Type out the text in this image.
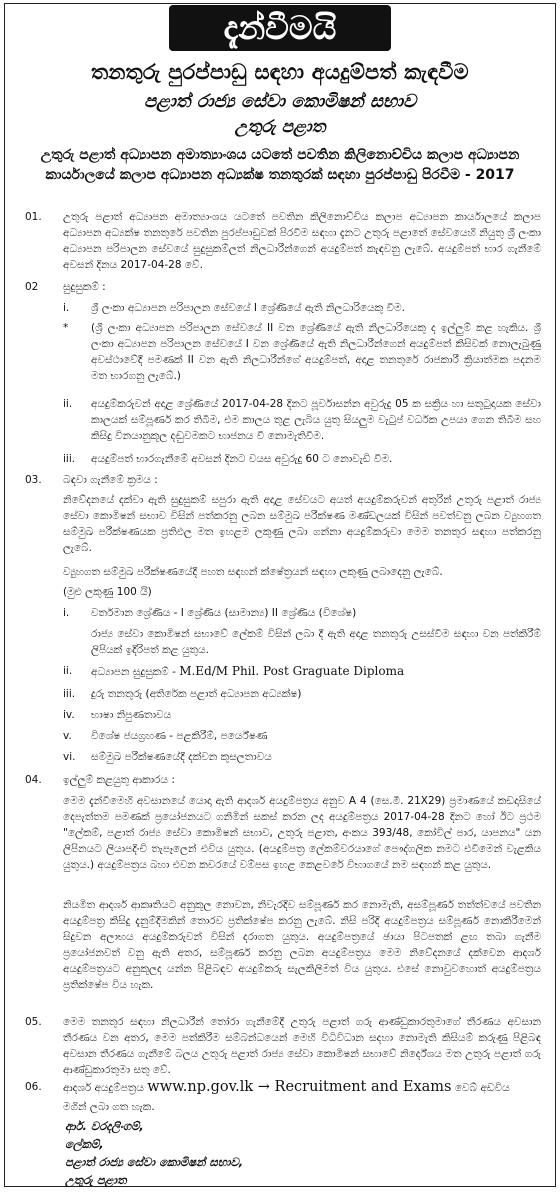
දැන්වීමයි
තනතුරු පුරප්පාඩු සඳහා අයදුම්පත් කැඳවීම
පළාත් රාජ්‍ය සේවා කොමිෂන් සභාව
උතුරු පළාත
උතුරු පළාත් අධ්‍යාපන අමාත්‍යාංශය යටතේ පවතින කිලිනොච්චිය කලාප අධ්‍යාපන
කාර්යාලයේ කලාප අධ්‍යාපන අධ්‍යක්ෂ තනතුරක් සඳහා පුරප්පාඩු පිරවීම - 2017
01. උතුරු පළාත් අධ්‍යාපන අමාත්‍යාංශය යටතේ පවතින කිලිනොච්චිය කලාප අධ්‍යාපන කාර්යාලයේ කලාප අධ්‍යාපන අධ්‍යක්ෂ තනතුරේ පවතින පුරප්පාඩුවක් පිරවීම සඳහා දැනට උතුරු පළාතේ සේවයෙහි නියුතු ශ්‍රී ලංකා අධ්‍යාපන පරිපාලන සේවයේ සුදුසුකම්ලත් නිලධාරීන්ගෙන් අයදුම්පත් කැඳවනු ලැබේ. අයදුම්පත් භාර ගැනීමේ අවසන් දිනය 2017-04-28 වේ.
02 සුදුසුකම් :
i. ශ්‍රී ලංකා අධ්‍යාපන පරිපාලන සේවයේ I ශ්‍රේණියේ ඇති නිලධාරියෙකු වීම.
* (ශ්‍රී ලංකා අධ්‍යාපන පරිපාලන සේවයේ II වන ශ්‍රේණියේ ඇති නිලධාරියෙකු ද ඉල්ලුම් කළ හැකිය. ශ්‍රී ලංකා අධ්‍යාපන පරිපාලන සේවයේ I වන ශ්‍රේණියේ ඇති නිලධාරීන්ගෙන් අයදුම්පත් කිසිවක් නොලැබුණු අවස්ථාවේදී පමණක් II වන ඇති නිලධාරීන්ගේ අයදුම්පත්, අදාළ තනතුරේ රාජකාරී ක්‍රියාත්මක පදනම මත භාරගනු ලැබේ.)
ii. අයදුම්කරුවන් අදාළ ශ්‍රේණියේ 2017-04-28 දිනට පූර්වාසන්න අවුරුදු 05 ක සක්‍රිය හා සතුටුදායක සේවා කාලයක් සම්පූර්ණ කර තිබීම, එම කාලය තුළ ලැබිය යුතු සියලුම වැටුප් වර්ධක උපයා ගෙන තිබීම සහ කිසිදු විනයානුකූල දඬුවමකට භාජනය වී නොමැතිවීම.
iii. අයදුම්පත් භාරගැනීමේ අවසන් දිනට වයස අවුරුදු 60 ට නොවැඩි වීම.
03. බඳවා ගැනීමේ ක්‍රමය :
නිවේදනයේ දක්වා ඇති සුදුසුකම් සපුරා ඇති අදාළ සේවයට අයත් අයදුම්කරුවන් අතුරින් උතුරු පළාත් රාජ්‍ය සේවා කොමිෂන් සභාව විසින් පත්කරනු ලබන සම්මුඛ පරීක්ෂණ මණ්ඩලයක් විසින් පවත්වනු ලබන ව්‍යුහගත සම්මුඛ පරීක්ෂණයක ප්‍රතිඵල මත ඉහළම ලකුණු ලබා ගන්නා අයදුම්කරුවා මෙම තනතුර සඳහා පත්කරනු ලැබේ.
ව්‍යුහගත සම්මුඛ පරීක්ෂණයේදී පහත සඳහන් ක්ෂේත්‍රයන් සඳහා ලකුණු ලබාදෙනු ලැබේ.
(මුළු ලකුණු 100 යි)
i. වර්තමාන ශ්‍රේණිය - I ශ්‍රේණිය (සාමාන්‍ය) II ශ්‍රේණිය (විශේෂ)
රාජ්‍ය සේවා කොමිෂන් සභාවේ ලේකම් විසින් ලබා දී ඇති අදාළ තනතුරු උසස්වීම සඳහා වන පත්කිරීම් ලිපියක් ඉදිරිපත් කළ යුතුය.
ii. අධ්‍යාපන සුදුසුකම් - M.Ed/M Phil. Post Graguate Diploma
iii. දුරු තනතුරු (අතිරේක පළාත් අධ්‍යාපන අධ්‍යක්ෂ)
iv. භාෂා නිපුණතාවය
v. විශේෂ ජයග්‍රහණ - පළකිරීම්, පර්යේෂණ
vi. සම්මුඛ පරීක්ෂණයේදී දක්වන කුසලතාවය
04. ඉල්ලුම් කළයුතු ආකාරය :
මෙම දැන්වීමෙහි අවසානයේ යොදා ඇති ආදර්ශ අයදුම්පත්‍රය අනුව A 4 (සෙ.මී. 21X29) ප්‍රමාණයේ කඩදාසියේ දෙපැත්තම පමණක් ප්‍රයෝජනයට ගනිමින් සකස් කරන ලද අයදුම්පත්‍රය 2017-04-28 දිනට හෝ ඊට ප්‍රථම "ලේකම්, පළාත් රාජ්‍ය සේවා කොමිෂන් සභාව, උතුරු පළාත, අංකය 393/48, කෝවිල් පාර, යාපනය" යන ලිපිනයට ලියාපදිංචි තැපෑලෙන් එවිය යුතුය. (අයදුම්පත්‍ර ලේකම්වරයාගේ පෞද්ගලික නමට එවීමෙන් වැළකිය යුතුය.) අයදුම්පත්‍රය බහා එවන කවරයේ වම්පස ඉහළ කෙළවරේ විභාගයේ නම සඳහන් කළ යුතුය.
නියමිත ආදර්ශ ආකෘතියට අනුකූල නොවන, නිවැරදිව සම්පූර්ණ කර නොමැති, අසම්පූර්ණ තත්ත්වයේ පවතින අයදුම්පත්‍ර කිසිදු දැනුම්දීමකින් තොරව ප්‍රතික්ෂේප කරනු ලැබේ. නිසි පරිදි අයදුම්පත්‍රය සම්පූර්ණ නොකිරීමෙන් සිදුවන අලාභය අයදුම්කරුවන් විසින් දරාගත යුතුය. අයදුම්පත්‍රයේ ඡායා පිටපතක් ළඟ තබා ගැනීම ප්‍රයෝජනවත් වනු ඇති අතර, සම්පූර්ණ කරනු ලබන අයදුම්පත්‍රය මෙම නිවේදනයේ දක්වෙන ආදර්ශ අයදුම්පත්‍රයට අනුකූලද යන්න පිළිබඳව අයදුම්කරු සැලකිලිමත් විය යුතුය. එසේ නොවුවහොත් අයදුම්පත්‍රය ප්‍රතික්ෂේප විය හැක.
05. මෙම තනතුර සඳහා නිලධාරීන් තෝරා ගැනීමේදී උතුරු පළාත් ගරු ආණ්ඩුකාරතුමාගේ තීරණය අවසාන තීරණය වන අතර, මෙම පත්කිරීම සම්බන්ධයෙන් මෙහි විධිවිධාන සදහා නොමැති කිසියම් කරුණු පිළිබඳ අවසාන තීරණය ගැනීමේ බලය උතුරු පළාත් රාජ්‍ය සේවා කොමිෂන් සභාවේ නිර්දේශය මත උතුරු පළාත් ගරු ආණ්ඩුකාරතුමා සතු වේ.
06. ආදර්ශ අයදුම්පත්‍රය www.np.gov.lk → Recruitment and Exams වෙබ් අඩවිය
මගින් ලබා ගත හැක.
ආර්. වරදලිංගම්,
ලේකම්,
පළාත් රාජ්‍ය සේවා කොමිෂන් සභාව,
උතුරු පළාත
